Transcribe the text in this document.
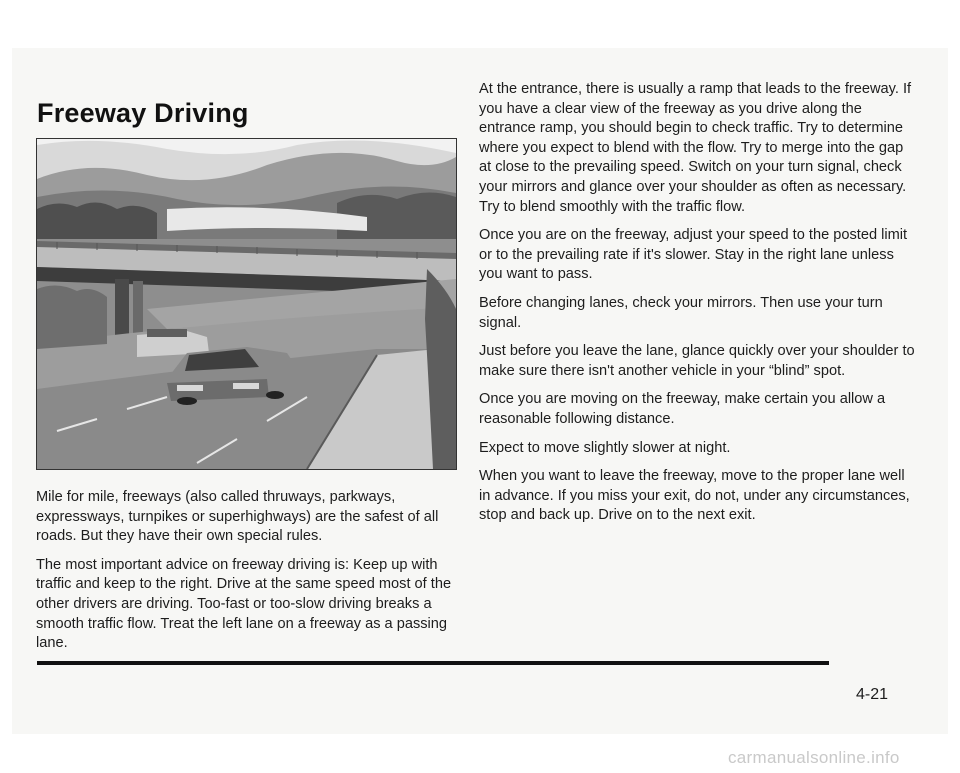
Freeway Driving

Mile for mile, freeways (also called thruways, parkways, expressways, turnpikes or superhighways) are the safest of all roads. But they have their own special rules.

The most important advice on freeway driving is: Keep up with traffic and keep to the right. Drive at the same speed most of the other drivers are driving. Too-fast or too-slow driving breaks a smooth traffic flow. Treat the left lane on a freeway as a passing lane.

At the entrance, there is usually a ramp that leads to the freeway. If you have a clear view of the freeway as you drive along the entrance ramp, you should begin to check traffic. Try to determine where you expect to blend with the flow. Try to merge into the gap at close to the prevailing speed. Switch on your turn signal, check your mirrors and glance over your shoulder as often as necessary. Try to blend smoothly with the traffic flow.

Once you are on the freeway, adjust your speed to the posted limit or to the prevailing rate if it's slower. Stay in the right lane unless you want to pass.

Before changing lanes, check your mirrors. Then use your turn signal.

Just before you leave the lane, glance quickly over your shoulder to make sure there isn't another vehicle in your “blind” spot.

Once you are moving on the freeway, make certain you allow a reasonable following distance.

Expect to move slightly slower at night.

When you want to leave the freeway, move to the proper lane well in advance. If you miss your exit, do not, under any circumstances, stop and back up. Drive on to the next exit.

4-21
carmanualsonline.info
